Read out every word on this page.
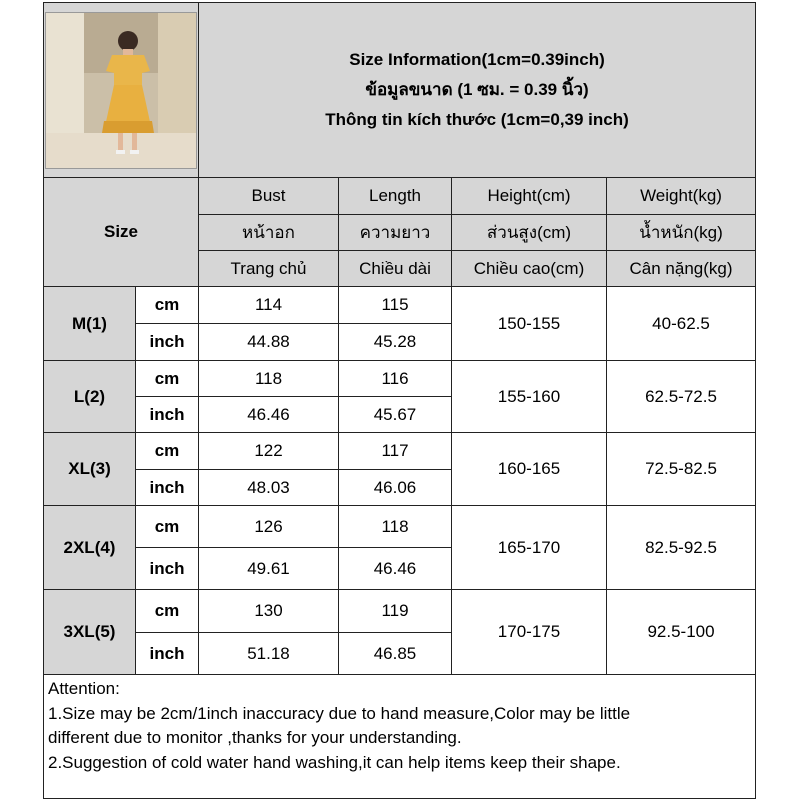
Size Information(1cm=0.39inch)
ข้อมูลขนาด (1 ซม. = 0.39 นิ้ว)
Thông tin kích thước (1cm=0,39 inch)			

Size		Bust	Length	Height(cm)	Weight(kg)
		หน้าอก	ความยาว	ส่วนสูง(cm)	น้ำหนัก(kg)
		Trang chủ	Chiều dài	Chiều cao(cm)	Cân nặng(kg)
M(1)	cm	114	115	150-155	40-62.5
	inch	44.88	45.28		
L(2)	cm	118	116	155-160	62.5-72.5
	inch	46.46	45.67		
XL(3)	cm	122	117	160-165	72.5-82.5
	inch	48.03	46.06		
2XL(4)	cm	126	118	165-170	82.5-92.5
	inch	49.61	46.46		
3XL(5)	cm	130	119	170-175	92.5-100
	inch	51.18	46.85		

Attention:
1.Size may be 2cm/1inch inaccuracy due to hand measure,Color may be little
different due to monitor ,thanks for your understanding.
2.Suggestion of cold water hand washing,it can help items keep their shape.					
